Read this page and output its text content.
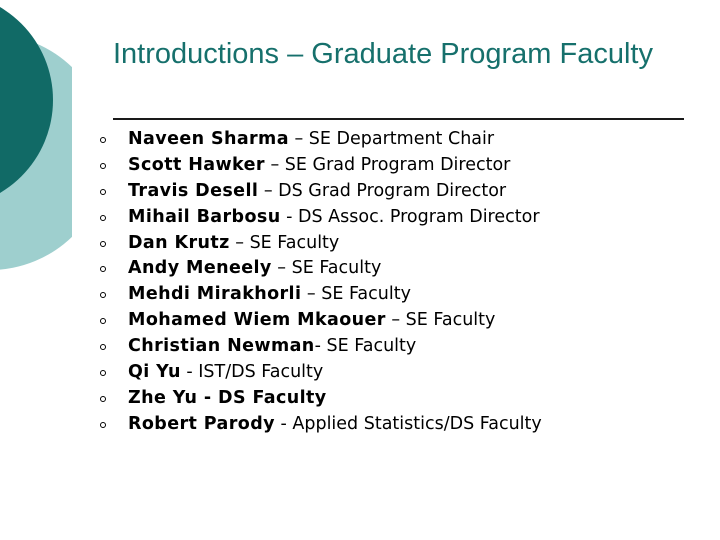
Introductions – Graduate Program Faculty
Naveen Sharma – SE Department Chair
Scott Hawker – SE Grad Program Director
Travis Desell – DS Grad Program Director
Mihail Barbosu - DS Assoc. Program Director
Dan Krutz – SE Faculty
Andy Meneely – SE Faculty
Mehdi Mirakhorli – SE Faculty
Mohamed Wiem Mkaouer – SE Faculty
Christian Newman- SE Faculty
Qi Yu - IST/DS Faculty
Zhe Yu - DS Faculty
Robert Parody - Applied Statistics/DS Faculty
